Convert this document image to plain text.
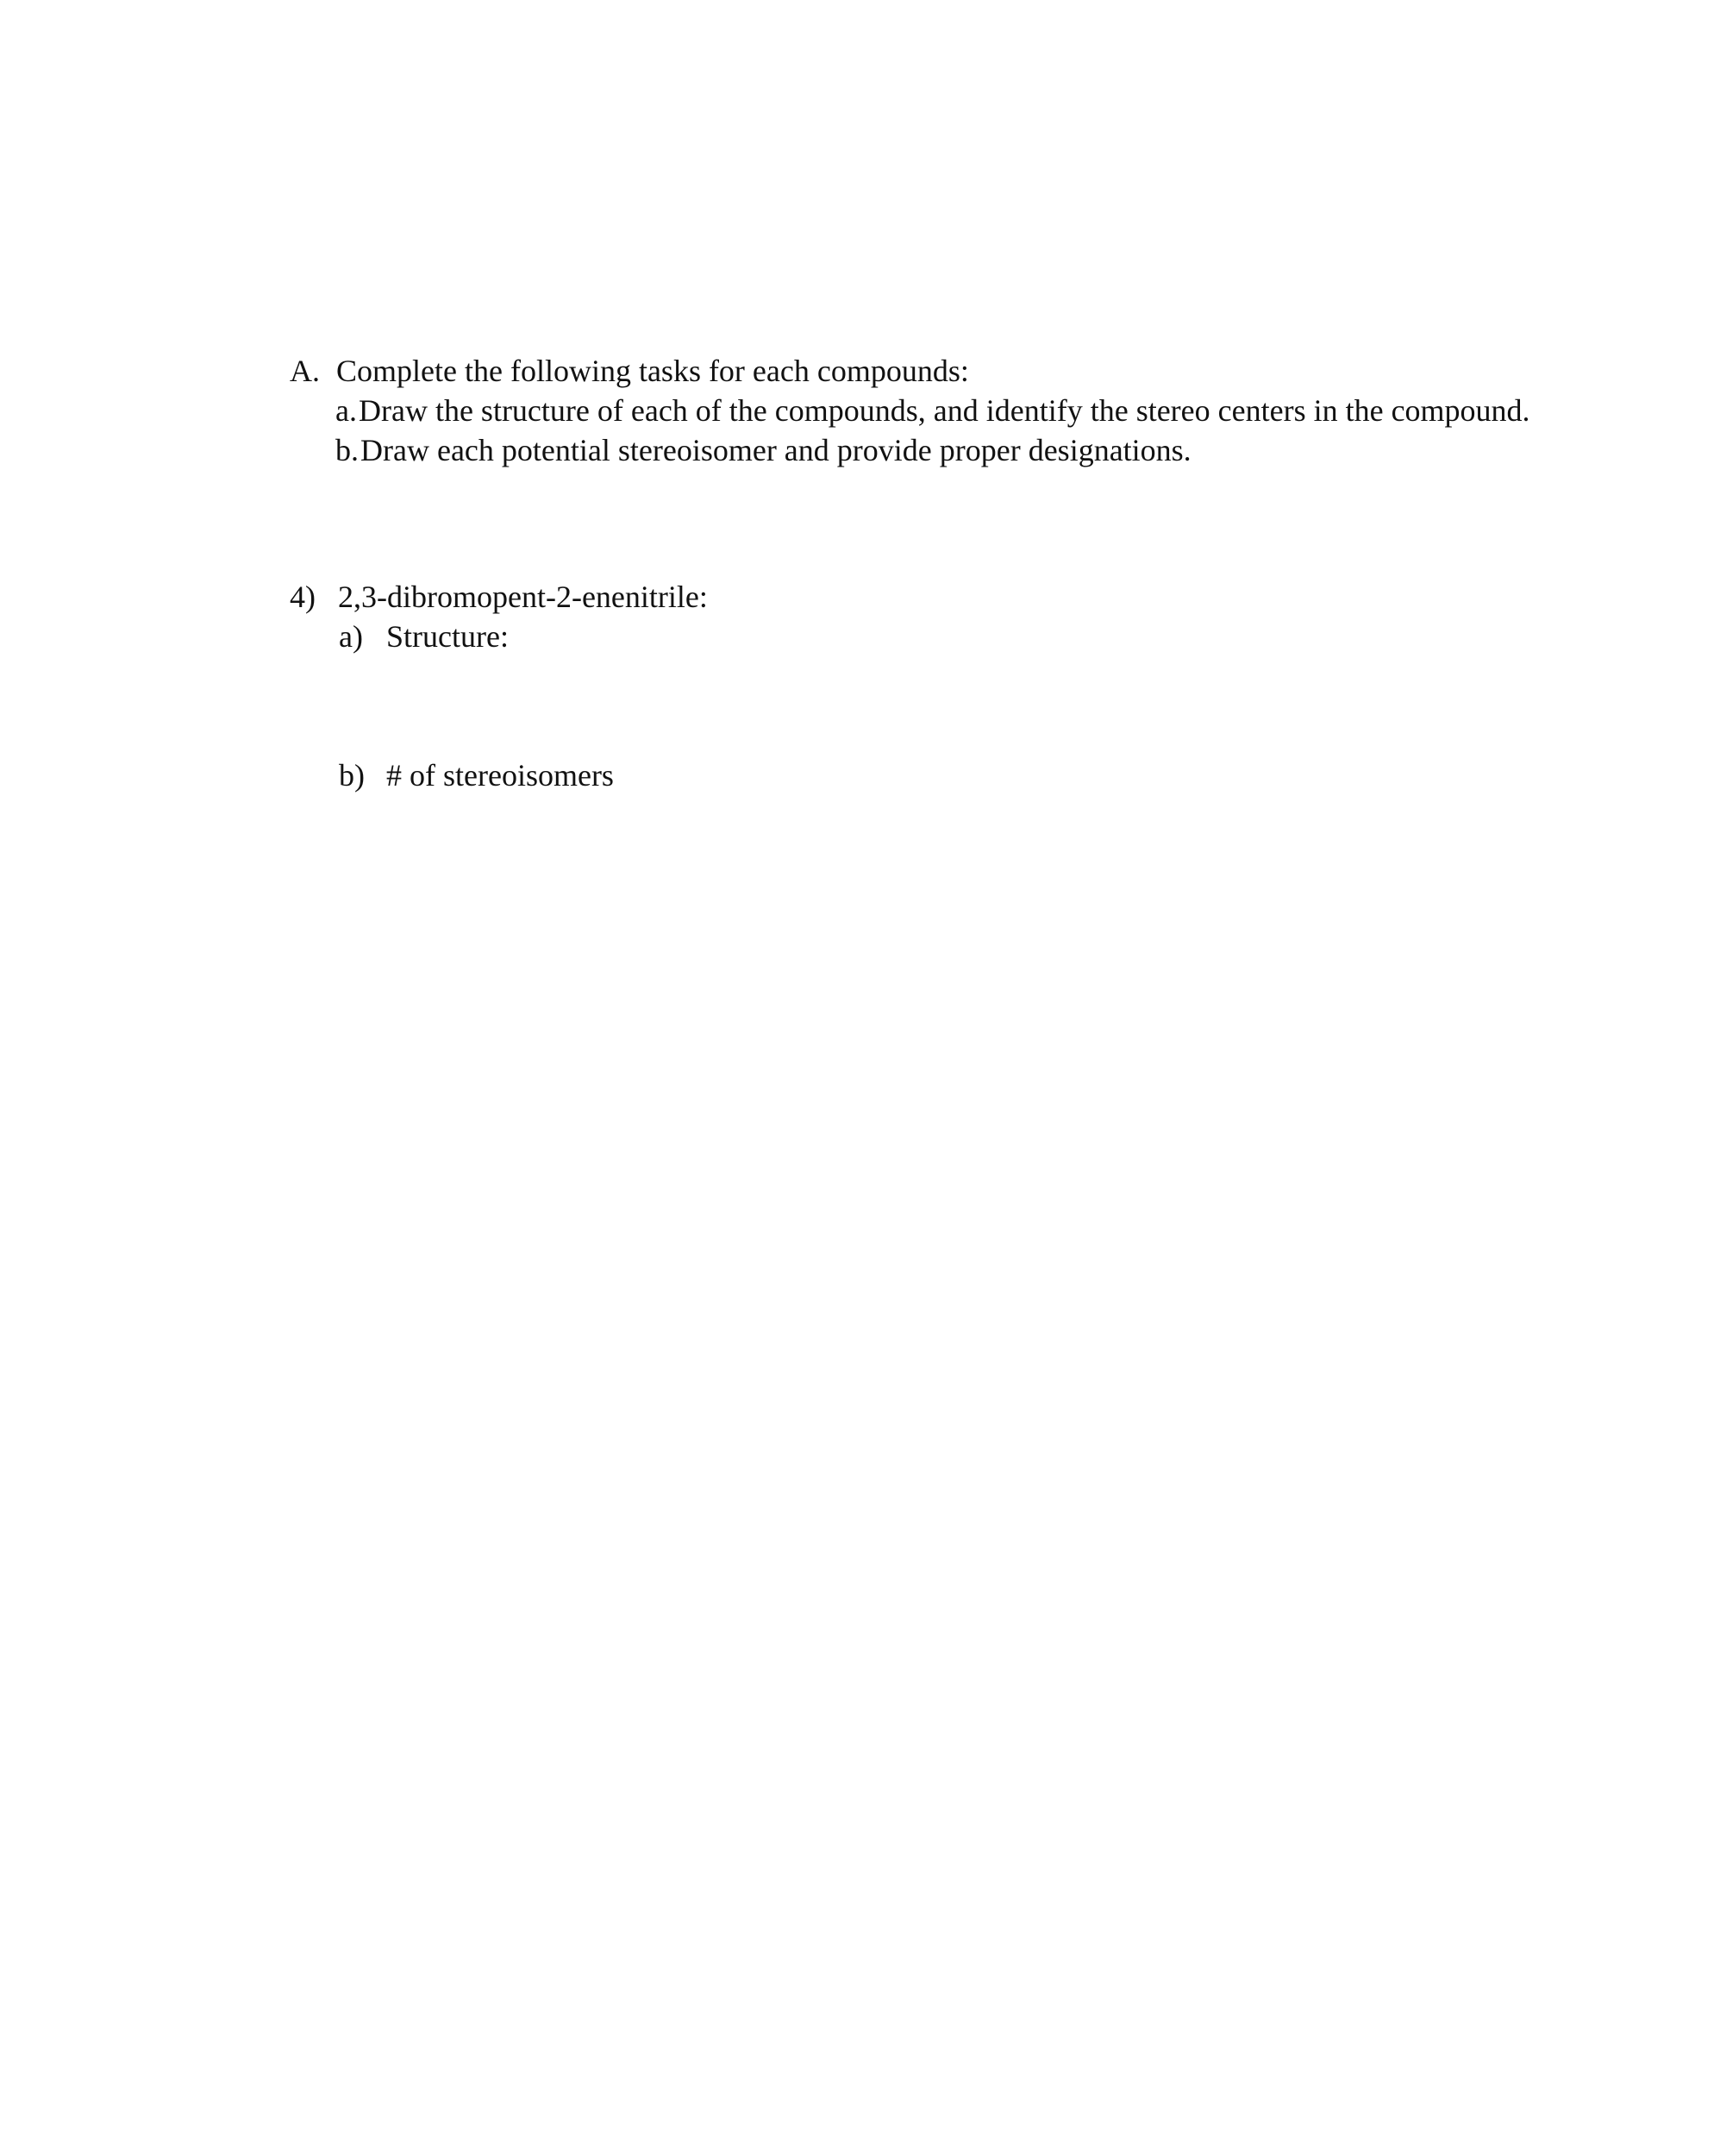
A. Complete the following tasks for each compounds:
a.Draw the structure of each of the compounds, and identify the stereo centers in the compound.
b.Draw each potential stereoisomer and provide proper designations.
4) 2,3-dibromopent-2-enenitrile:
a) Structure:
b) # of stereoisomers
